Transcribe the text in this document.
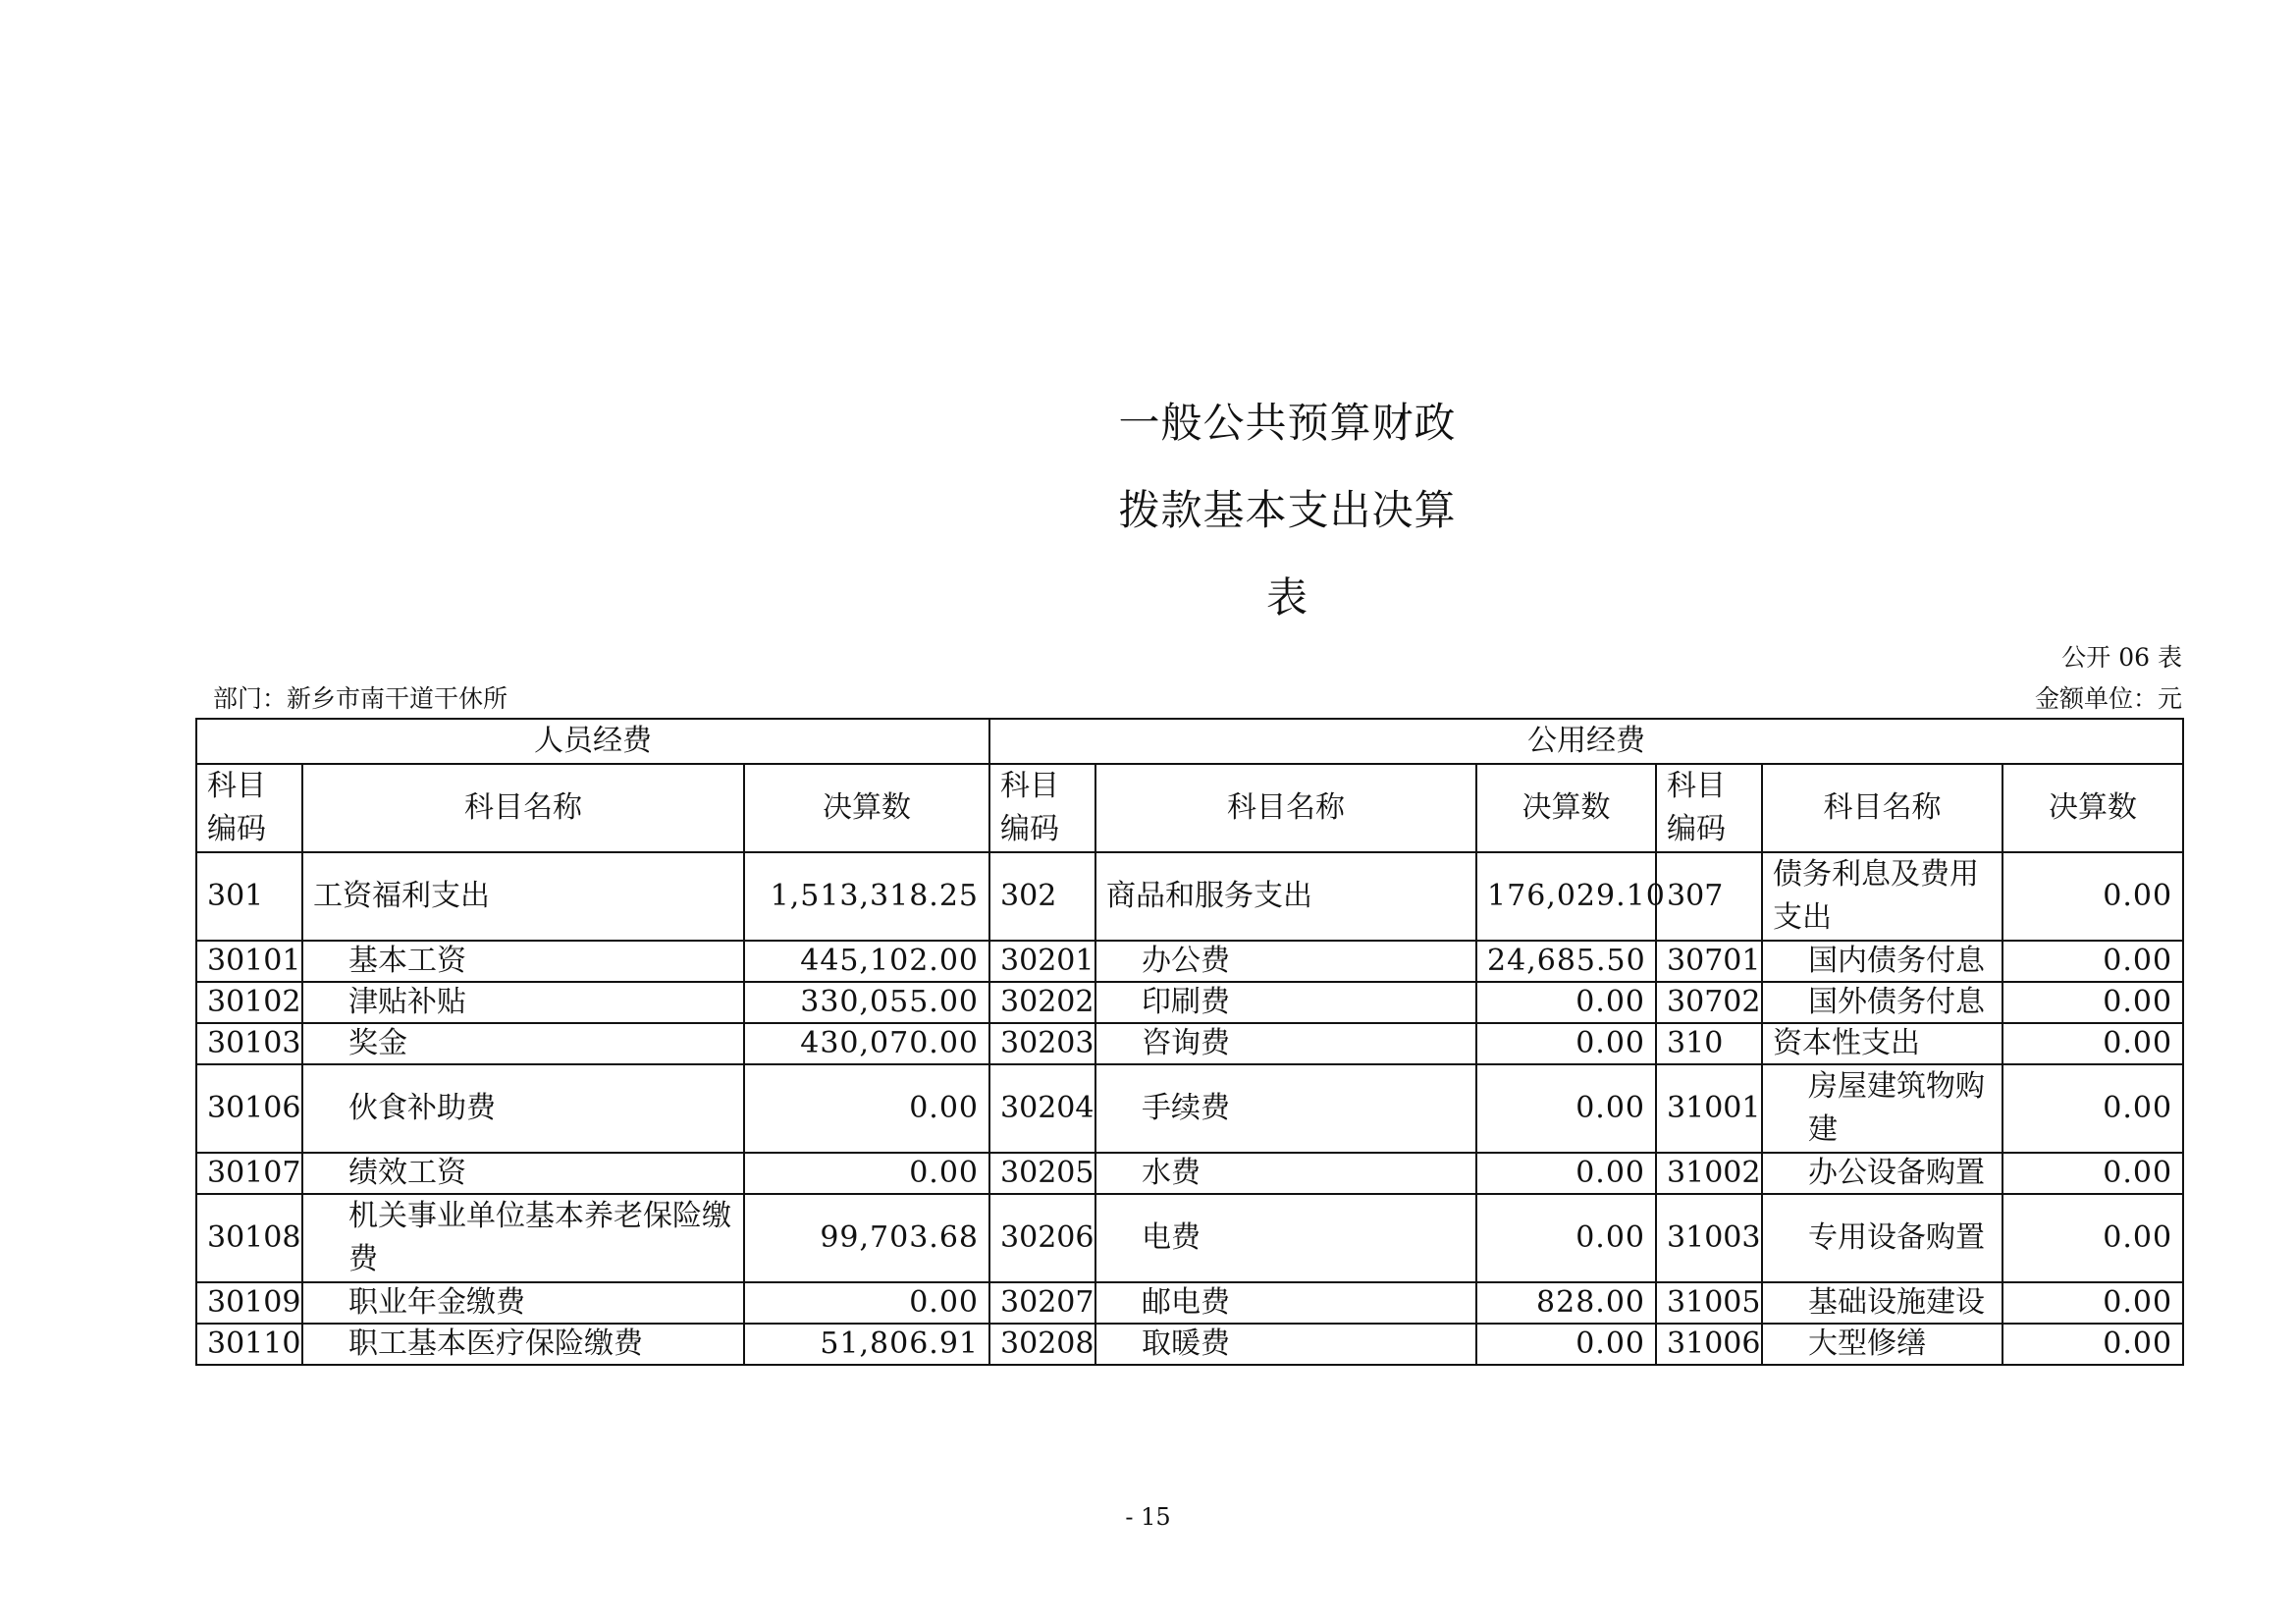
一般公共预算财政
拨款基本支出决算
表
公开 06 表
部门：新乡市南干道干休所	金额单位：元
人员经费			公用经费					
科目编码	科目名称	决算数	科目编码	科目名称	决算数	科目编码	科目名称	决算数
301	工资福利支出	1,513,318.25	302	商品和服务支出	176,029.10	307	债务利息及费用支出	0.00
30101	基本工资	445,102.00	30201	办公费	24,685.50	30701	国内债务付息	0.00
30102	津贴补贴	330,055.00	30202	印刷费	0.00	30702	国外债务付息	0.00
30103	奖金	430,070.00	30203	咨询费	0.00	310	资本性支出	0.00
30106	伙食补助费	0.00	30204	手续费	0.00	31001	房屋建筑物购建	0.00
30107	绩效工资	0.00	30205	水费	0.00	31002	办公设备购置	0.00
30108	机关事业单位基本养老保险缴费	99,703.68	30206	电费	0.00	31003	专用设备购置	0.00
30109	职业年金缴费	0.00	30207	邮电费	828.00	31005	基础设施建设	0.00
30110	职工基本医疗保险缴费	51,806.91	30208	取暖费	0.00	31006	大型修缮	0.00
- 15
